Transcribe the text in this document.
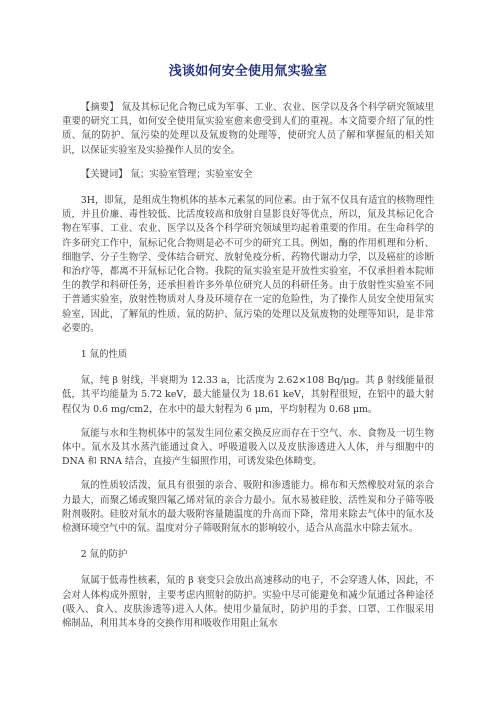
浅谈如何安全使用氚实验室

【摘要】 氚及其标记化合物已成为军事、工业、农业、医学以及各个科学研究领域里重要的研究工具，如何安全使用氚实验室愈来愈受到人们的重视。本文简要介绍了氚的性质、氚的防护、氚污染的处理以及氚废物的处理等，使研究人员了解和掌握氚的相关知识，以保证实验室及实验操作人员的安全。

【关键词】 氚；实验室管理；实验室安全

3H，即氚，是组成生物机体的基本元素氢的同位素。由于氚不仅具有适宜的核物理性质，并且价廉、毒性较低、比活度较高和放射自显影良好等优点，所以，氚及其标记化合物在军事、工业、农业、医学以及各个科学研究领域里均起着重要的作用。在生命科学的许多研究工作中，氚标记化合物则是必不可少的研究工具。例如，酶的作用机理和分析、细胞学、分子生物学、受体结合研究、放射免疫分析、药物代谢动力学，以及癌症的诊断和治疗等，都离不开氚标记化合物。我院的氚实验室是开放性实验室，不仅承担着本院师生的教学和科研任务，还承担着许多外单位研究人员的科研任务。由于放射性实验室不同于普通实验室，放射性物质对人身及环境存在一定的危险性，为了操作人员安全使用氚实验室，因此，了解氚的性质、氚的防护、氚污染的处理以及氚废物的处理等知识，是非常必要的。

1 氚的性质

氚，纯 β 射线，半衰期为 12.33 a，比活度为 2.62×108 Bq/μg。其 β 射线能量很低，其平均能量为 5.72 keV，最大能量仅为 18.61 keV，其射程很短，在铝中的最大射程仅为 0.6 mg/cm2，在水中的最大射程为 6 μm，平均射程为 0.68 μm。

氚能与水和生物机体中的氢发生同位素交换反应而存在于空气、水、食物及一切生物体中。氚水及其水蒸汽能通过食入、呼吸道吸入以及皮肤渗透进入人体，并与细胞中的 DNA 和 RNA 结合，直接产生辐照作用，可诱发染色体畸变。

氚的性质较活泼，氚具有很强的亲合、吸附和渗透能力。棉布和天然橡胶对氚的亲合力最大，而聚乙烯或聚四氟乙烯对氚的亲合力最小。氚水易被硅胶、活性炭和分子筛等吸附剂吸附。硅胶对氚水的最大吸附容量随温度的升高而下降，常用来除去气体中的氚水及检测环境空气中的氚。温度对分子筛吸附氚水的影响较小，适合从高温水中除去氚水。

2 氚的防护

氚属于低毒性核素，氚的 β 衰变只会放出高速移动的电子，不会穿透人体，因此，不会对人体构成外照射，主要考虑内照射的防护。实验中尽可能避免和减少氚通过各种途径(吸入、食入、皮肤渗透等)进入人体。使用少量氚时，防护用的手套、口罩、工作服采用棉制品，利用其本身的交换作用和吸收作用阻止氚水
